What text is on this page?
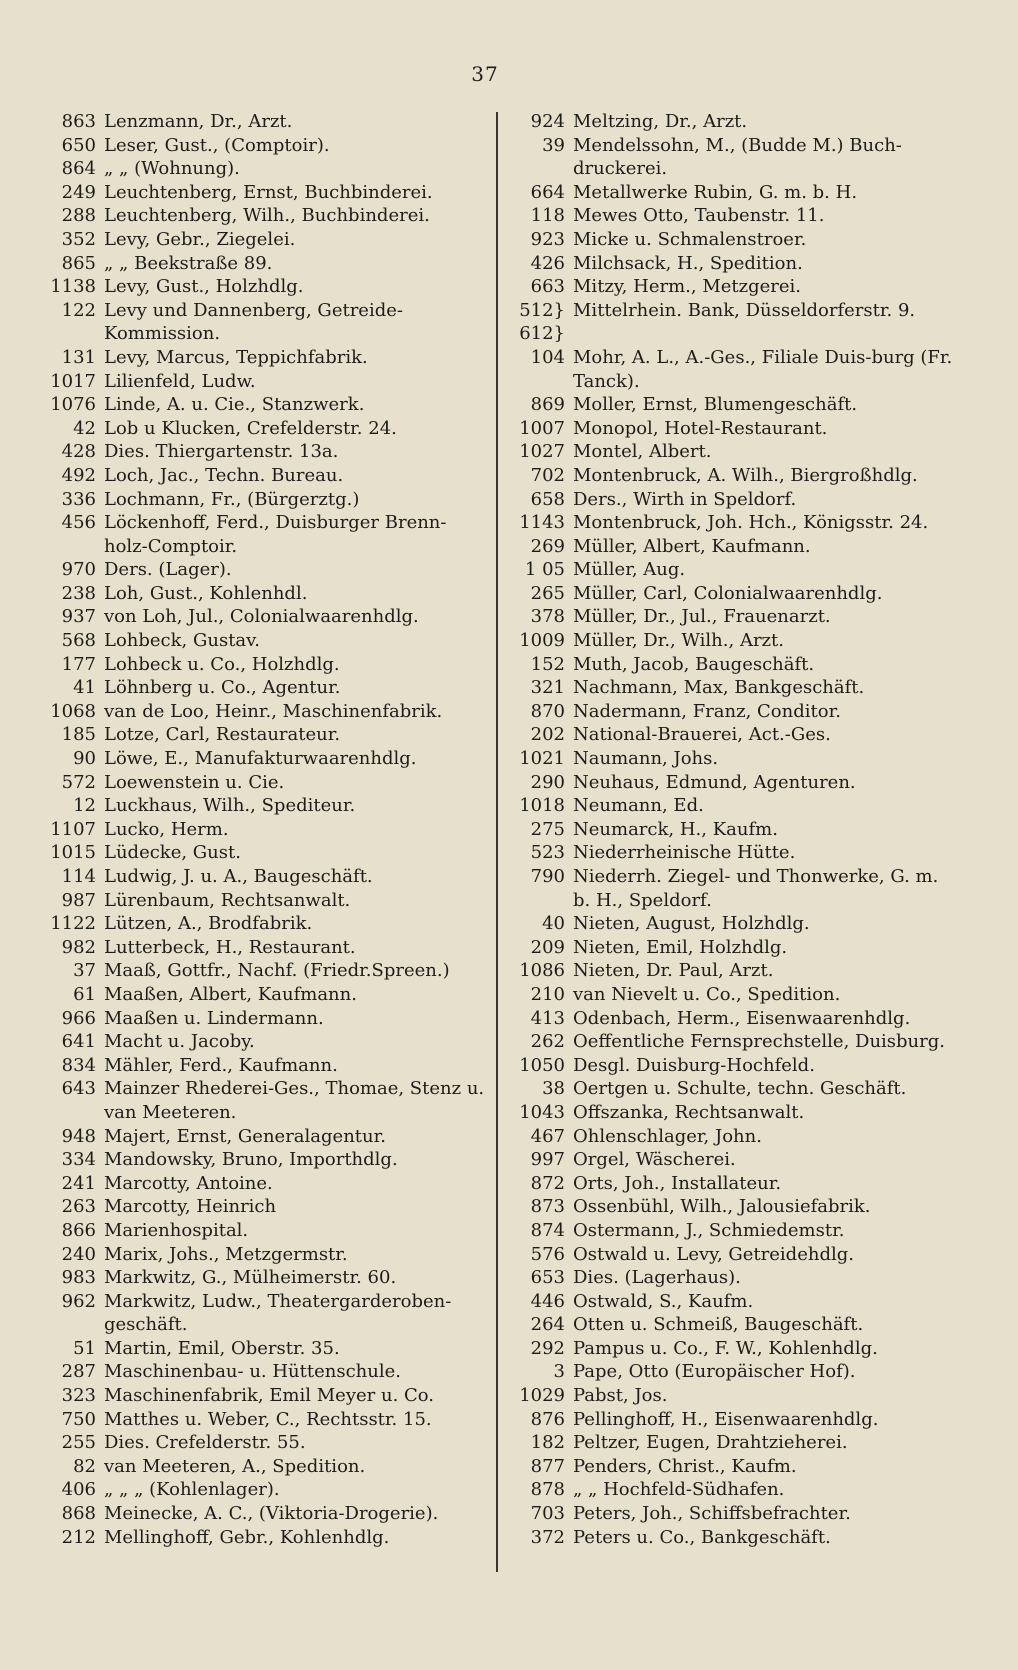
37
863 Lenzmann, Dr., Arzt.
650 Leser, Gust., (Comptoir).
864 „ „ (Wohnung).
249 Leuchtenberg, Ernst, Buchbinderei.
288 Leuchtenberg, Wilh., Buchbinderei.
352 Levy, Gebr., Ziegelei.
865 „ „ Beekstraße 89.
1138 Levy, Gust., Holzhdlg.
122 Levy und Dannenberg, Getreide-Kommission.
131 Levy, Marcus, Teppichfabrik.
1017 Lilienfeld, Ludw.
1076 Linde, A. u. Cie., Stanzwerk.
42 Lob u Klucken, Crefelderstr. 24.
428 Dies. Thiergartenstr. 13a.
492 Loch, Jac., Techn. Bureau.
336 Lochmann, Fr., (Bürgerztg.)
456 Löckenhoff, Ferd., Duisburger Brenn-holz-Comptoir.
970 Ders. (Lager).
238 Loh, Gust., Kohlenhdl.
937 von Loh, Jul., Colonialwaarenhdlg.
568 Lohbeck, Gustav.
177 Lohbeck u. Co., Holzhdlg.
41 Löhnberg u. Co., Agentur.
1068 van de Loo, Heinr., Maschinenfabrik.
185 Lotze, Carl, Restaurateur.
90 Löwe, E., Manufakturwaarenhdlg.
572 Loewenstein u. Cie.
12 Luckhaus, Wilh., Spediteur.
1107 Lucko, Herm.
1015 Lüdecke, Gust.
114 Ludwig, J. u. A., Baugeschäft.
987 Lürenbaum, Rechtsanwalt.
1122 Lützen, A., Brodfabrik.
982 Lutterbeck, H., Restaurant.
37 Maaß, Gottfr., Nachf. (Friedr.Spreen.)
61 Maaßen, Albert, Kaufmann.
966 Maaßen u. Lindermann.
641 Macht u. Jacoby.
834 Mähler, Ferd., Kaufmann.
643 Mainzer Rhederei-Ges., Thomae, Stenz u. van Meeteren.
948 Majert, Ernst, Generalagentur.
334 Mandowsky, Bruno, Importhdlg.
241 Marcotty, Antoine.
263 Marcotty, Heinrich
866 Marienhospital.
240 Marix, Johs., Metzgermstr.
983 Markwitz, G., Mülheimerstr. 60.
962 Markwitz, Ludw., Theatergarderoben-geschäft.
51 Martin, Emil, Oberstr. 35.
287 Maschinenbau- u. Hüttenschule.
323 Maschinenfabrik, Emil Meyer u. Co.
750 Matthes u. Weber, C., Rechtsstr. 15.
255 Dies. Crefelderstr. 55.
82 van Meeteren, A., Spedition.
406 „ „ „ (Kohlenlager).
868 Meinecke, A. C., (Viktoria-Drogerie).
212 Mellinghoff, Gebr., Kohlenhdlg.
924 Meltzing, Dr., Arzt.
39 Mendelssohn, M., (Budde M.) Buch-druckerei.
664 Metallwerke Rubin, G. m. b. H.
118 Mewes Otto, Taubenstr. 11.
923 Micke u. Schmalenstroer.
426 Milchsack, H., Spedition.
663 Mitzy, Herm., Metzgerei.
512} 612}
Mittelrhein. Bank, Düsseldorferstr. 9.
104 Mohr, A. L., A.-Ges., Filiale Duis-burg (Fr. Tanck).
869 Moller, Ernst, Blumengeschäft.
1007 Monopol, Hotel-Restaurant.
1027 Montel, Albert.
702 Montenbruck, A. Wilh., Biergroßhdlg.
658 Ders., Wirth in Speldorf.
1143 Montenbruck, Joh. Hch., Königsstr. 24.
269 Müller, Albert, Kaufmann.
1 05 Müller, Aug.
265 Müller, Carl, Colonialwaarenhdlg.
378 Müller, Dr., Jul., Frauenarzt.
1009 Müller, Dr., Wilh., Arzt.
152 Muth, Jacob, Baugeschäft.
321 Nachmann, Max, Bankgeschäft.
870 Nadermann, Franz, Conditor.
202 National-Brauerei, Act.-Ges.
1021 Naumann, Johs.
290 Neuhaus, Edmund, Agenturen.
1018 Neumann, Ed.
275 Neumarck, H., Kaufm.
523 Niederrheinische Hütte.
790 Niederrh. Ziegel- und Thonwerke, G. m. b. H., Speldorf.
40 Nieten, August, Holzhdlg.
209 Nieten, Emil, Holzhdlg.
1086 Nieten, Dr. Paul, Arzt.
210 van Nievelt u. Co., Spedition.
413 Odenbach, Herm., Eisenwaarenhdlg.
262 Oeffentliche Fernsprechstelle, Duisburg.
1050 Desgl. Duisburg-Hochfeld.
38 Oertgen u. Schulte, techn. Geschäft.
1043 Offszanka, Rechtsanwalt.
467 Ohlenschlager, John.
997 Orgel, Wäscherei.
872 Orts, Joh., Installateur.
873 Ossenbühl, Wilh., Jalousiefabrik.
874 Ostermann, J., Schmiedemstr.
576 Ostwald u. Levy, Getreidehdlg.
653 Dies. (Lagerhaus).
446 Ostwald, S., Kaufm.
264 Otten u. Schmeiß, Baugeschäft.
292 Pampus u. Co., F. W., Kohlenhdlg.
3 Pape, Otto (Europäischer Hof).
1029 Pabst, Jos.
876 Pellinghoff, H., Eisenwaarenhdlg.
182 Peltzer, Eugen, Drahtzieherei.
877 Penders, Christ., Kaufm.
878 „ „ Hochfeld-Südhafen.
703 Peters, Joh., Schiffsbefrachter.
372 Peters u. Co., Bankgeschäft.
